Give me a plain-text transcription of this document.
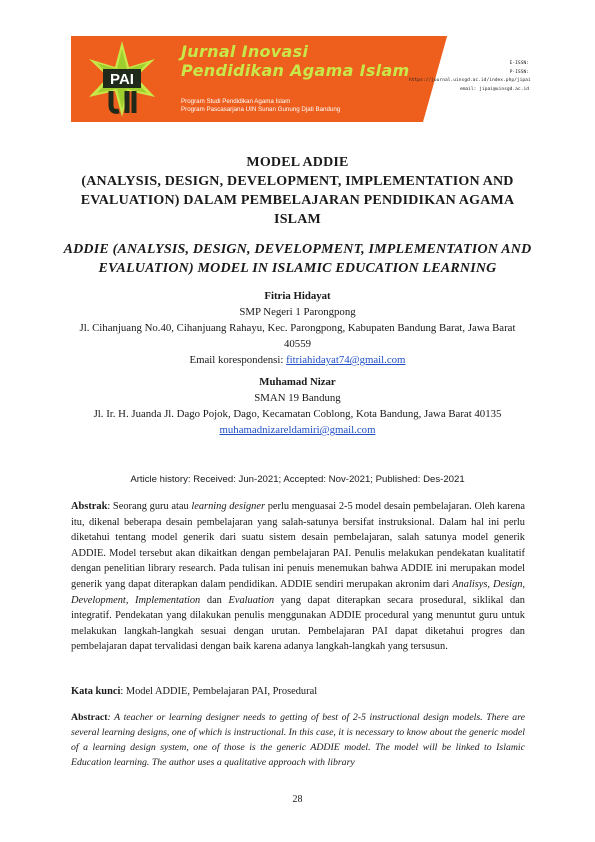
PAI
Jurnal Inovasi
Pendidikan Agama Islam
Program Studi Pendidikan Agama Islam
Program Pascasarjana UIN Sunan Gunung Djati Bandung
E-ISSN:
P-ISSN:
https://journal.uinsgd.ac.id/index.php/jipai
email: jipai@uinsgd.ac.id
MODEL ADDIE
(ANALYSIS, DESIGN, DEVELOPMENT, IMPLEMENTATION AND EVALUATION) DALAM PEMBELAJARAN PENDIDIKAN AGAMA ISLAM
ADDIE (ANALYSIS, DESIGN, DEVELOPMENT, IMPLEMENTATION AND EVALUATION) MODEL IN ISLAMIC EDUCATION LEARNING
Fitria Hidayat
SMP Negeri 1 Parongpong
Jl. Cihanjuang No.40, Cihanjuang Rahayu, Kec. Parongpong, Kabupaten Bandung Barat, Jawa Barat 40559
Email korespondensi: fitriahidayat74@gmail.com
Muhamad Nizar
SMAN 19 Bandung
Jl. Ir. H. Juanda Jl. Dago Pojok, Dago, Kecamatan Coblong, Kota Bandung, Jawa Barat 40135
muhamadnizareldamiri@gmail.com
Article history: Received: Jun-2021; Accepted: Nov-2021; Published: Des-2021

Abstrak: Seorang guru atau learning designer perlu menguasai 2-5 model desain pembelajaran. Oleh karena itu, dikenal beberapa desain pembelajaran yang salah-satunya bersifat instruksional. Dalam hal ini perlu diketahui tentang model generik dari suatu sistem desain pembelajaran, salah satunya model generik ADDIE. Model tersebut akan dikaitkan dengan pembelajaran PAI. Penulis melakukan pendekatan kualitatif dengan penelitian library research. Pada tulisan ini penuis menemukan bahwa ADDIE ini merupakan model generik yang dapat diterapkan dalam pendidikan. ADDIE sendiri merupakan akronim dari Analisys, Design, Development, Implementation dan Evaluation yang dapat diterapkan secara prosedural, siklikal dan integratif. Pendekatan yang dilakukan penulis menggunakan ADDIE procedural yang menuntut guru untuk melakukan langkah-langkah sesuai dengan urutan. Pembelajaran PAI dapat diketahui progres dan pembelajaran dapat tervalidasi dengan baik karena adanya langkah-langkah yang tersusun.

Kata kunci: Model ADDIE, Pembelajaran PAI, Prosedural

Abstract: A teacher or learning designer needs to getting of best of 2-5 instructional design models. There are several learning designs, one of which is instructional. In this case, it is necessary to know about the generic model of a learning design system, one of those is the generic ADDIE model. The model will be linked to Islamic Education learning. The author uses a qualitative approach with library

28
